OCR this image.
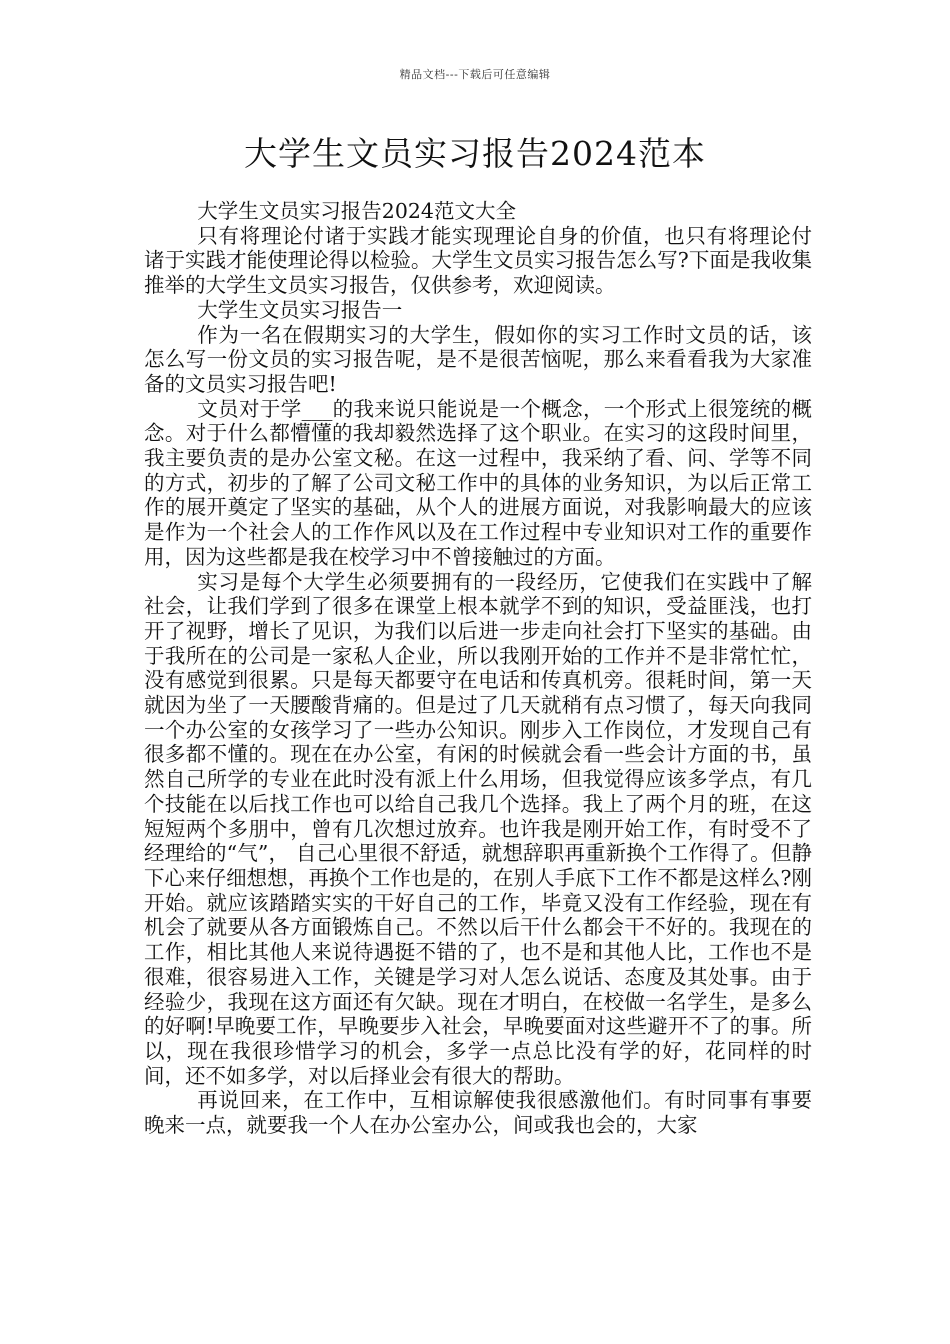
精品文档---下载后可任意编辑
大学生文员实习报告2024范本

大学生文员实习报告2024范文大全

只有将理论付诸于实践才能实现理论自身的价值，也只有将理论付诸于实践才能使理论得以检验。大学生文员实习报告怎么写?下面是我收集推举的大学生文员实习报告，仅供参考，欢迎阅读。

大学生文员实习报告一

作为一名在假期实习的大学生，假如你的实习工作时文员的话，该怎么写一份文员的实习报告呢，是不是很苦恼呢，那么来看看我为大家准备的文员实习报告吧!

文员对于学___的我来说只能说是一个概念，一个形式上很笼统的概念。对于什么都懵懂的我却毅然选择了这个职业。在实习的这段时间里，我主要负责的是办公室文秘。在这一过程中，我采纳了看、问、学等不同的方式，初步的了解了公司文秘工作中的具体的业务知识，为以后正常工作的展开奠定了坚实的基础，从个人的进展方面说，对我影响最大的应该是作为一个社会人的工作作风以及在工作过程中专业知识对工作的重要作用，因为这些都是我在校学习中不曾接触过的方面。

实习是每个大学生必须要拥有的一段经历，它使我们在实践中了解社会，让我们学到了很多在课堂上根本就学不到的知识，受益匪浅，也打开了视野，增长了见识，为我们以后进一步走向社会打下坚实的基础。由于我所在的公司是一家私人企业，所以我刚开始的工作并不是非常忙忙，没有感觉到很累。只是每天都要守在电话和传真机旁。很耗时间，第一天就因为坐了一天腰酸背痛的。但是过了几天就稍有点习惯了，每天向我同一个办公室的女孩学习了一些办公知识。刚步入工作岗位，才发现自己有很多都不懂的。现在在办公室，有闲的时候就会看一些会计方面的书，虽然自己所学的专业在此时没有派上什么用场，但我觉得应该多学点，有几个技能在以后找工作也可以给自己我几个选择。我上了两个月的班，在这短短两个多朋中，曾有几次想过放弃。也许我是刚开始工作，有时受不了经理给的“气”， 自己心里很不舒适，就想辞职再重新换个工作得了。但静下心来仔细想想，再换个工作也是的，在别人手底下工作不都是这样么?刚开始。就应该踏踏实实的干好自己的工作，毕竟又没有工作经验，现在有机会了就要从各方面锻炼自己。不然以后干什么都会干不好的。我现在的工作，相比其他人来说待遇挺不错的了，也不是和其他人比，工作也不是很难，很容易进入工作，关键是学习对人怎么说话、态度及其处事。由于经验少，我现在这方面还有欠缺。现在才明白，在校做一名学生，是多么的好啊!早晚要工作，早晚要步入社会，早晚要面对这些避开不了的事。所以，现在我很珍惜学习的机会，多学一点总比没有学的好，花同样的时间，还不如多学，对以后择业会有很大的帮助。

再说回来，在工作中，互相谅解使我很感激他们。有时同事有事要晚来一点，就要我一个人在办公室办公，间或我也会的，大家
